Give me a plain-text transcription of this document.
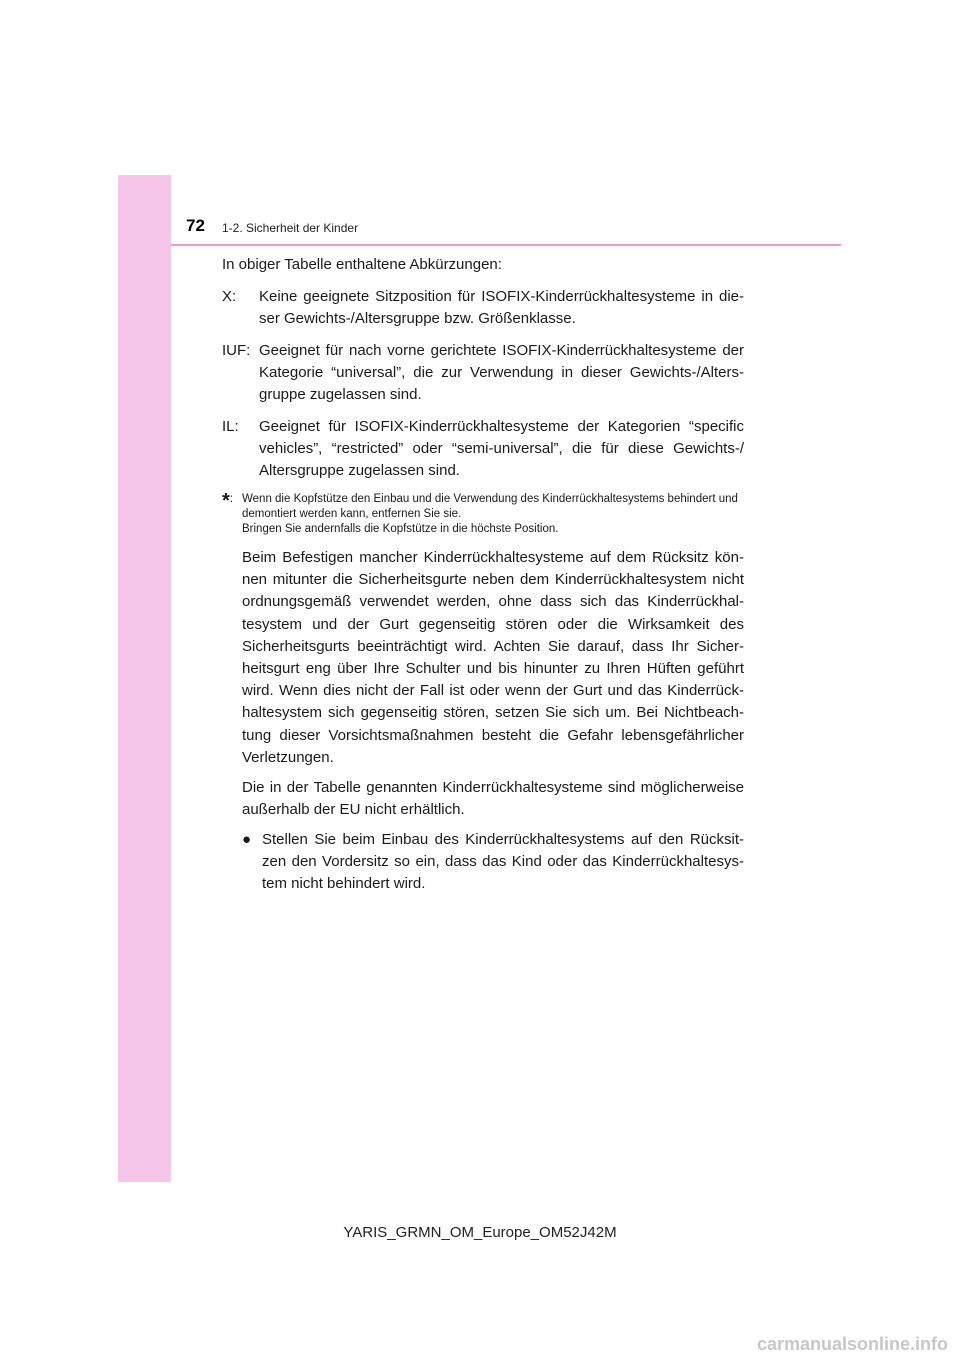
72 1-2. Sicherheit der Kinder

In obiger Tabelle enthaltene Abkürzungen:

X:	Keine geeignete Sitzposition für ISOFIX-Kinderrückhaltesysteme in dieser Gewichts-/Altersgruppe bzw. Größenklasse.
IUF: Geeignet für nach vorne gerichtete ISOFIX-Kinderrückhaltesysteme der Kategorie “universal”, die zur Verwendung in dieser Gewichts-/Altersgruppe zugelassen sind.
IL:	Geeignet für ISOFIX-Kinderrückhaltesysteme der Kategorien “specific vehicles”, “restricted” oder “semi-universal”, die für diese Gewichts-/ Altersgruppe zugelassen sind.
*: Wenn die Kopfstütze den Einbau und die Verwendung des Kinderrückhaltesystems behindert und demontiert werden kann, entfernen Sie sie.
Bringen Sie andernfalls die Kopfstütze in die höchste Position.

Beim Befestigen mancher Kinderrückhaltesysteme auf dem Rücksitz können mitunter die Sicherheitsgurte neben dem Kinderrückhaltesystem nicht ordnungsgemäß verwendet werden, ohne dass sich das Kinderrückhaltesystem und der Gurt gegenseitig stören oder die Wirksamkeit des Sicherheitsgurts beeinträchtigt wird. Achten Sie darauf, dass Ihr Sicherheitsgurt eng über Ihre Schulter und bis hinunter zu Ihren Hüften geführt wird. Wenn dies nicht der Fall ist oder wenn der Gurt und das Kinderrückhaltesystem sich gegenseitig stören, setzen Sie sich um. Bei Nichtbeachtung dieser Vorsichtsmaßnahmen besteht die Gefahr lebensgefährlicher Verletzungen.

Die in der Tabelle genannten Kinderrückhaltesysteme sind möglicherweise außerhalb der EU nicht erhältlich.

● Stellen Sie beim Einbau des Kinderrückhaltesystems auf den Rücksitzen den Vordersitz so ein, dass das Kind oder das Kinderrückhaltesystem nicht behindert wird.
YARIS_GRMN_OM_Europe_OM52J42M
carmanualsonline.info
